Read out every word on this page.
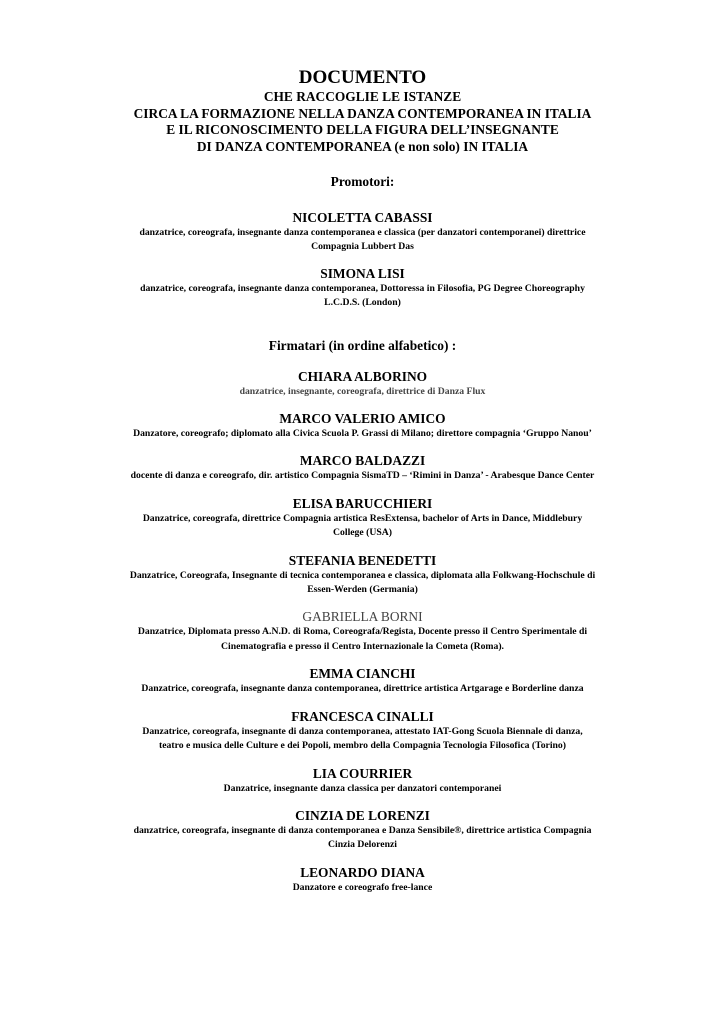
DOCUMENTO

CHE RACCOGLIE LE ISTANZE

CIRCA LA FORMAZIONE NELLA DANZA CONTEMPORANEA IN ITALIA

E IL RICONOSCIMENTO DELLA FIGURA DELL’INSEGNANTE

DI DANZA CONTEMPORANEA (e non solo) IN ITALIA

Promotori:

NICOLETTA CABASSI

danzatrice, coreografa, insegnante danza contemporanea e classica (per danzatori contemporanei) direttrice

Compagnia Lubbert Das

SIMONA LISI

danzatrice, coreografa, insegnante danza contemporanea, Dottoressa in Filosofia, PG Degree Choreography

L.C.D.S. (London)

Firmatari (in ordine alfabetico) :

CHIARA ALBORINO

danzatrice, insegnante, coreografa, direttrice di Danza Flux

MARCO VALERIO AMICO

Danzatore, coreografo; diplomato alla Civica Scuola P. Grassi di Milano; direttore compagnia ‘Gruppo Nanou’

MARCO BALDAZZI

docente di danza e coreografo, dir. artistico Compagnia SismaTD – ‘Rimini in Danza’ - Arabesque Dance Center

ELISA BARUCCHIERI

Danzatrice, coreografa, direttrice Compagnia artistica ResExtensa, bachelor of Arts in Dance, Middlebury

College (USA)

STEFANIA BENEDETTI

Danzatrice, Coreografa, Insegnante di tecnica contemporanea e classica, diplomata alla Folkwang-Hochschule di

Essen-Werden (Germania)

GABRIELLA BORNI

Danzatrice, Diplomata presso A.N.D. di Roma, Coreografa/Regista, Docente presso il Centro Sperimentale di

Cinematografia e presso il Centro Internazionale la Cometa (Roma).

EMMA CIANCHI

Danzatrice, coreografa, insegnante danza contemporanea, direttrice artistica Artgarage e Borderline danza

FRANCESCA CINALLI

Danzatrice, coreografa, insegnante di danza contemporanea, attestato IAT-Gong Scuola Biennale di danza,

teatro e musica delle Culture e dei Popoli, membro della Compagnia Tecnologia Filosofica (Torino)

LIA COURRIER

Danzatrice, insegnante danza classica per danzatori contemporanei

CINZIA DE LORENZI

danzatrice, coreografa, insegnante di danza contemporanea e Danza Sensibile®, direttrice artistica Compagnia

Cinzia Delorenzi

LEONARDO DIANA

Danzatore e coreografo free-lance
